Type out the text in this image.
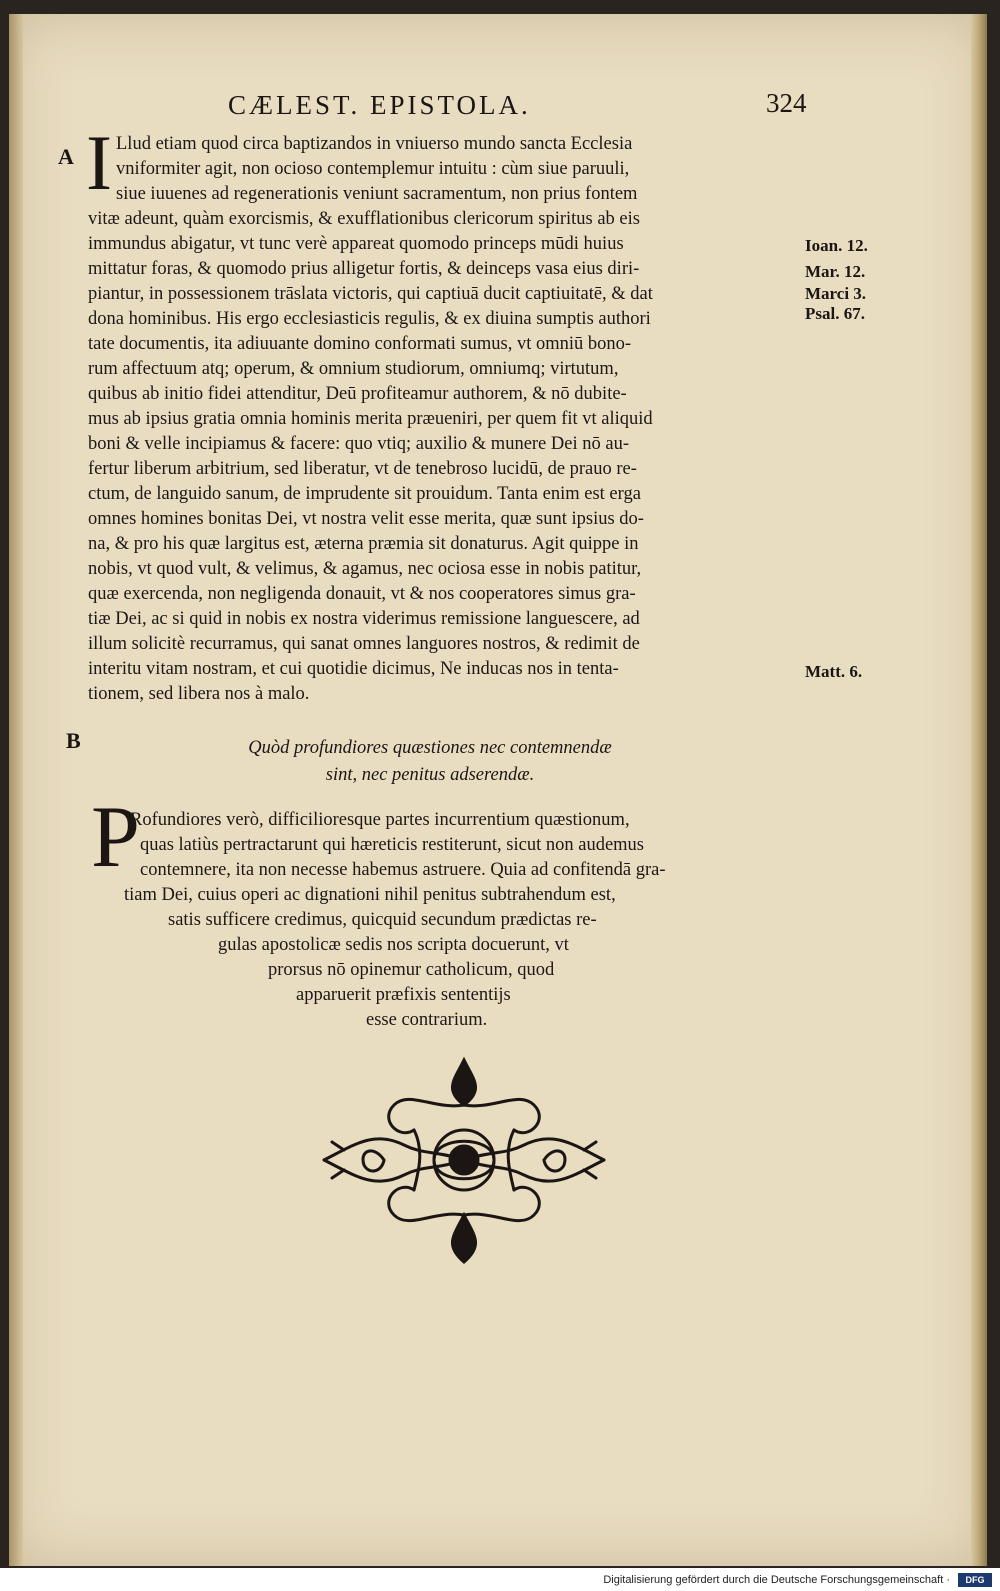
CÆLEST. EPISTOLA.	324
A
B
I Llud etiam quod circa baptizandos in vniuerso mundo sancta Ecclesia
vniformiter agit, non ocioso contemplemur intuitu : cùm siue paruuli,
siue iuuenes ad regenerationis veniunt sacramentum, non prius fontem
vitæ adeunt, quàm exorcismis, & exufflationibus clericorum spiritus ab eis
immundus abigatur, vt tunc verè appareat quomodo princeps mūdi huius
mittatur foras, & quomodo prius alligetur fortis, & deinceps vasa eius diri-
piantur, in possessionem trāslata victoris, qui captiuā ducit captiuitatē, & dat
dona hominibus. His ergo ecclesiasticis regulis, & ex diuina sumptis authori
tate documentis, ita adiuuante domino conformati sumus, vt omniū bono-
rum affectuum atq; operum, & omnium studiorum, omniumq; virtutum,
quibus ab initio fidei attenditur, Deū profiteamur authorem, & nō dubite-
mus ab ipsius gratia omnia hominis merita præueniri, per quem fit vt aliquid
boni & velle incipiamus & facere: quo vtiq; auxilio & munere Dei nō au-
fertur liberum arbitrium, sed liberatur, vt de tenebroso lucidū, de prauo re-
ctum, de languido sanum, de imprudente sit prouidum. Tanta enim est erga
omnes homines bonitas Dei, vt nostra velit esse merita, quæ sunt ipsius do-
na, & pro his quæ largitus est, æterna præmia sit donaturus. Agit quippe in
nobis, vt quod vult, & velimus, & agamus, nec ociosa esse in nobis patitur,
quæ exercenda, non negligenda donauit, vt & nos cooperatores simus gra-
tiæ Dei, ac si quid in nobis ex nostra viderimus remissione languescere, ad
illum solicitè recurramus, qui sanat omnes languores nostros, & redimit de
interitu vitam nostram, et cui quotidie dicimus, Ne inducas nos in tenta-
tionem, sed libera nos à malo.
Ioan. 12.
Mar. 12.
Marci 3.
Psal. 67.
Matt. 6.
Quòd profundiores quæstiones nec contemnendæ
sint, nec penitus adserendæ.
P
Rofundiores verò, difficilioresque partes incurrentium quæstionum,
quas latiùs pertractarunt qui hæreticis restiterunt, sicut non audemus
contemnere, ita non necesse habemus astruere. Quia ad confitendā gra-
tiam Dei, cuius operi ac dignationi nihil penitus subtrahendum est,
satis sufficere credimus, quicquid secundum prædictas re-
gulas apostolicæ sedis nos scripta docuerunt, vt
prorsus nō opinemur catholicum, quod
apparuerit præfixis sententijs
esse contrarium.
Digitalisierung gefördert durch die Deutsche Forschungsgemeinschaft ·	DFG
